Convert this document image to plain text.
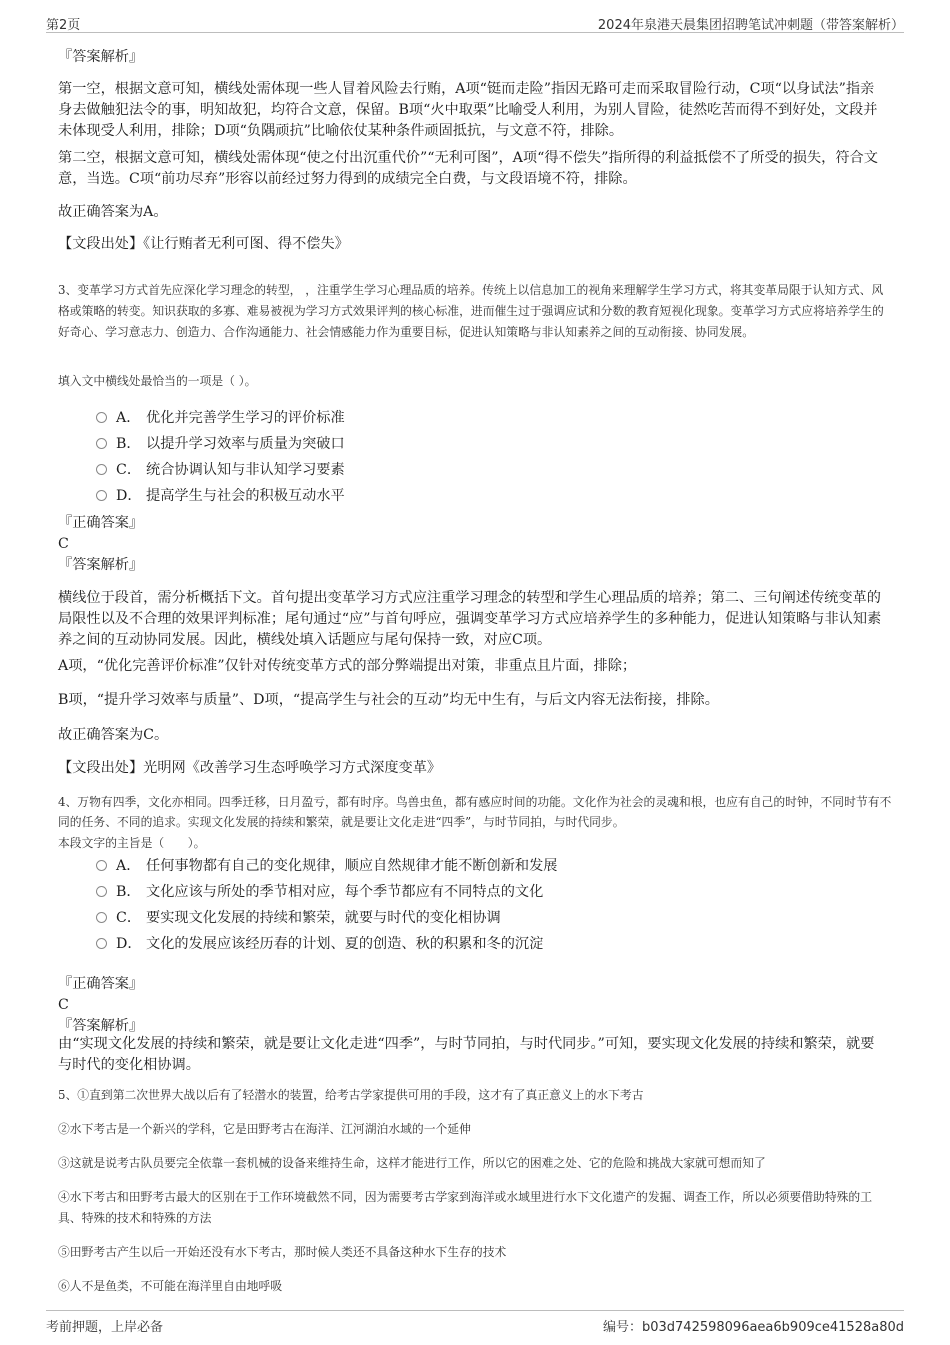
第2页	2024年泉港天晨集团招聘笔试冲刺题（带答案解析）
『答案解析』

第一空，根据文意可知，横线处需体现一些人冒着风险去行贿，A项“铤而走险”指因无路可走而采取冒险行动，C项“以身试法”指亲身去做触犯法令的事，明知故犯，均符合文意，保留。B项“火中取栗”比喻受人利用，为别人冒险，徒然吃苦而得不到好处，文段并未体现受人利用，排除；D项“负隅顽抗”比喻依仗某种条件顽固抵抗，与文意不符，排除。

第二空，根据文意可知，横线处需体现“使之付出沉重代价”“无利可图”，A项“得不偿失”指所得的利益抵偿不了所受的损失，符合文意，当选。C项“前功尽弃”形容以前经过努力得到的成绩完全白费，与文段语境不符，排除。

故正确答案为A。
【文段出处】《让行贿者无利可图、得不偿失》

3、变革学习方式首先应深化学习理念的转型， ，注重学生学习心理品质的培养。传统上以信息加工的视角来理解学生学习方式，将其变革局限于认知方式、风格或策略的转变。知识获取的多寡、难易被视为学习方式效果评判的核心标准，进而催生过于强调应试和分数的教育短视化现象。变革学习方式应将培养学生的好奇心、学习意志力、创造力、合作沟通能力、社会情感能力作为重要目标，促进认知策略与非认知素养之间的互动衔接、协同发展。

填入文中横线处最恰当的一项是（ ）。
A． 优化并完善学生学习的评价标准
B． 以提升学习效率与质量为突破口
C． 统合协调认知与非认知学习要素
D． 提高学生与社会的积极互动水平
『正确答案』
C
『答案解析』

横线位于段首，需分析概括下文。首句提出变革学习方式应注重学习理念的转型和学生心理品质的培养；第二、三句阐述传统变革的局限性以及不合理的效果评判标准；尾句通过“应”与首句呼应，强调变革学习方式应培养学生的多种能力，促进认知策略与非认知素养之间的互动协同发展。因此，横线处填入话题应与尾句保持一致，对应C项。

A项，“优化完善评价标准”仅针对传统变革方式的部分弊端提出对策，非重点且片面，排除；

B项，“提升学习效率与质量”、D项，“提高学生与社会的互动”均无中生有，与后文内容无法衔接，排除。

故正确答案为C。
【文段出处】光明网《改善学习生态呼唤学习方式深度变革》

4、万物有四季，文化亦相同。四季迁移，日月盈亏，都有时序。鸟兽虫鱼，都有感应时间的功能。文化作为社会的灵魂和根，也应有自己的时钟，不同时节有不同的任务、不同的追求。实现文化发展的持续和繁荣，就是要让文化走进“四季”，与时节同拍，与时代同步。

本段文字的主旨是（　　）。
A． 任何事物都有自己的变化规律，顺应自然规律才能不断创新和发展
B． 文化应该与所处的季节相对应，每个季节都应有不同特点的文化
C． 要实现文化发展的持续和繁荣，就要与时代的变化相协调
D． 文化的发展应该经历春的计划、夏的创造、秋的积累和冬的沉淀
『正确答案』
C
『答案解析』

由“实现文化发展的持续和繁荣，就是要让文化走进“四季”，与时节同拍，与时代同步。”可知，要实现文化发展的持续和繁荣，就要与时代的变化相协调。

5、①直到第二次世界大战以后有了轻潜水的装置，给考古学家提供可用的手段，这才有了真正意义上的水下考古

②水下考古是一个新兴的学科，它是田野考古在海洋、江河湖泊水域的一个延伸

③这就是说考古队员要完全依靠一套机械的设备来维持生命，这样才能进行工作，所以它的困难之处、它的危险和挑战大家就可想而知了

④水下考古和田野考古最大的区别在于工作环境截然不同，因为需要考古学家到海洋或水域里进行水下文化遗产的发掘、调查工作，所以必须要借助特殊的工具、特殊的技术和特殊的方法

⑤田野考古产生以后一开始还没有水下考古，那时候人类还不具备这种水下生存的技术

⑥人不是鱼类，不可能在海洋里自由地呼吸

考前押题，上岸必备	编号：b03d742598096aea6b909ce41528a80d
